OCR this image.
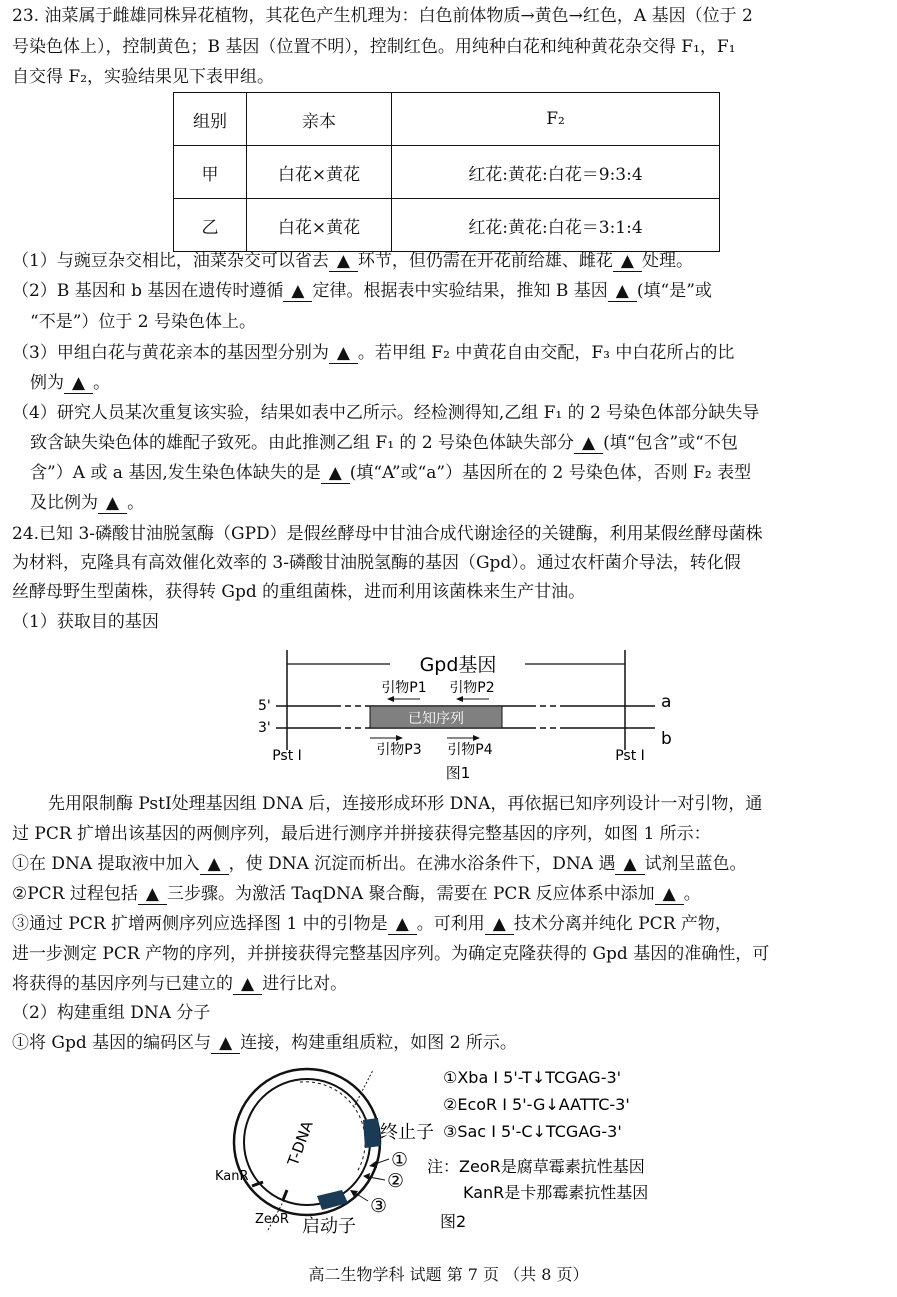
23. 油菜属于雌雄同株异花植物，其花色产生机理为：白色前体物质→黄色→红色，A 基因（位于 2
号染色体上），控制黄色；B 基因（位置不明），控制红色。用纯种白花和纯种黄花杂交得 F₁，F₁
自交得 F₂，实验结果见下表甲组。
组别	亲本	F₂
甲	白花×黄花	红花:黄花:白花＝9:3:4
乙	白花×黄花	红花:黄花:白花＝3:1:4
（1）与豌豆杂交相比，油菜杂交可以省去 ▲ 环节，但仍需在开花前给雄、雌花 ▲ 处理。
（2）B 基因和 b 基因在遗传时遵循 ▲ 定律。根据表中实验结果，推知 B 基因 ▲ (填“是”或
“不是”）位于 2 号染色体上。
（3）甲组白花与黄花亲本的基因型分别为 ▲ 。若甲组 F₂ 中黄花自由交配，F₃ 中白花所占的比
例为 ▲ 。
（4）研究人员某次重复该实验，结果如表中乙所示。经检测得知,乙组 F₁ 的 2 号染色体部分缺失导
致含缺失染色体的雄配子致死。由此推测乙组 F₁ 的 2 号染色体缺失部分 ▲ (填“包含”或“不包
含”）A 或 a 基因,发生染色体缺失的是 ▲ (填“A”或“a”）基因所在的 2 号染色体，否则 F₂ 表型
及比例为 ▲ 。
24.已知 3-磷酸甘油脱氢酶（GPD）是假丝酵母中甘油合成代谢途径的关键酶，利用某假丝酵母菌株
为材料，克隆具有高效催化效率的 3-磷酸甘油脱氢酶的基因（Gpd）。通过农杆菌介导法，转化假
丝酵母野生型菌株，获得转 Gpd 的重组菌株，进而利用该菌株来生产甘油。
（1）获取目的基因
Gpd基因
引物P1 引物P2
5'
3'
已知序列
a
b
引物P3 引物P4
Pst I	Pst I
图1
先用限制酶 PstⅠ处理基因组 DNA 后，连接形成环形 DNA，再依据已知序列设计一对引物，通
过 PCR 扩增出该基因的两侧序列，最后进行测序并拼接获得完整基因的序列，如图 1 所示：
①在 DNA 提取液中加入 ▲ ，使 DNA 沉淀而析出。在沸水浴条件下，DNA 遇 ▲ 试剂呈蓝色。
②PCR 过程包括 ▲ 三步骤。为激活 TaqDNA 聚合酶，需要在 PCR 反应体系中添加 ▲ 。
③通过 PCR 扩增两侧序列应选择图 1 中的引物是 ▲ 。可利用 ▲ 技术分离并纯化 PCR 产物，
进一步测定 PCR 产物的序列，并拼接获得完整基因序列。为确定克隆获得的 Gpd 基因的准确性，可
将获得的基因序列与已建立的 ▲ 进行比对。
（2）构建重组 DNA 分子
①将 Gpd 基因的编码区与 ▲ 连接，构建重组质粒，如图 2 所示。
T-DNA	终止子
启动子
KanR
ZeoR
①
②
③
①Xba I 5'-T↓TCGAG-3'
②EcoR I 5'-G↓AATTC-3'
③Sac I 5'-C↓TCGAG-3'
注：ZeoR是腐草霉素抗性基因
KanR是卡那霉素抗性基因
图2
高二生物学科 试题 第 7 页 （共 8 页）
